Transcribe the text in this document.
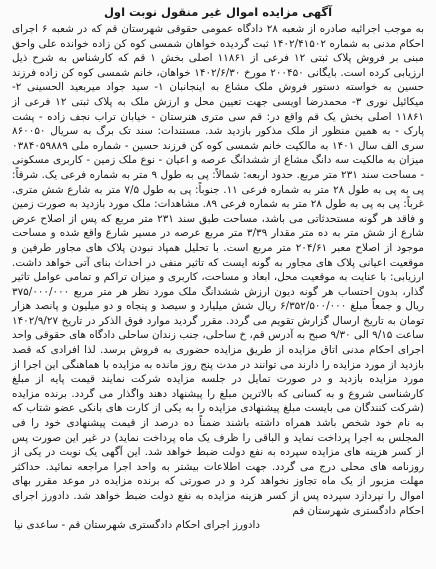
آگهی مزایده اموال غیر منقول نوبت اول

به موجب اجرائیه صادره از شعبه ۲۸ دادگاه عمومی حقوقی شهرستان قم که در شعبه ۶ اجرای احکام مدنی به شماره ۱۴۰۲/۴۱۵۰۲ ثبت گردیده خواهان شمسی کوه کن زاده خوانده علی واحق مبنی بر فروش پلاک ثبتی ۱۲ فرعی از ۱۱۸۶۱ اصلی بخش ۱ قم که کارشناس به شرح ذیل ارزیابی کرده است. بایگانی ۲۰۰۴۵۰ مورخ ۱۴۰۲/۶/۳۰ خواهان، خانم شمسی کوه کن زاده فرزند حسین به خواسته دستور فروش ملک مشاع به اینجانبان ۱- سید جواد میربعید الحسینی ۲- میکائیل نوری ۳- محمدرضا اویسی جهت تعیین محل و ارزش ملک به پلاک ثبتی ۱۲ فرعی از ۱۱۸۶۱ اصلی بخش یک قم واقع در: قم سی متری هنرستان - خیابان تراب نجف زاده - پشت پارک - به همین منظور از ملک مذکور بازدید شد. مستندات: سند تک برگ به سریال ۸۶۰۰۵۰ سری الف سال ۱۴۰۱ به مالکیت خانم شمسی کوه کن فرزند حسین - شماره ملی ۰۳۸۴۰۵۹۸۸۹ میزان به مالکیت سه دانگ مشاع از ششدانگ عرصه و اعیان - نوع ملک زمین - کاربری مسکونی - مساحت سند ۲۳۱ متر مربع. حدود اربعه: شمالاً: پی به طول ۹ متر به شماره فرعی یک. شرقاً: پی به پی به طول ۲۸ متر به شماره فرعی ۱۱. جنوباً: پی به طول ۷/۵ متر به شارع شش متری. غرباً: پی به پی به طول ۲۸ متر به شماره فرعی ۸۹. مشاهدات: ملک مورد بازدید به صورت زمین و فاقد هر گونه مستحدثاتی می باشد، مساحت طبق سند ۲۳۱ متر مربع که پس از اصلاح عرض شارع از شش متر به ده متر مقدار ۳/۳۹ متر مربع عرصه در مسیر شارع واقع شده و مساحت موجود از اصلاح معبر ۲۰۴/۶۱ متر مربع است. با تحلیل همپاد نبودن پلاک های مجاور طرفین و موقعیت اعیانی پلاک های مجاور به گونه ایست که تاثیر منفی در احداث بنای آتی خواهد داشت. ارزیابی: با عنایت به موقعیت محل، ابعاد و مساحت، کاربری و میزان تراکم و تمامی عوامل تاثیر گذار، بدون احتساب هر گونه دیون ارزش ششدانگ ملک مورد نظر هر متر مربع ۳۷۵/۰۰۰/۰۰۰ ریال و جمعاً مبلغ ۶/۳۵۲/۵۰۰/۰۰۰ ریال شش میلیارد و سیصد و پنجاه و دو میلیون و پانصد هزار تومان به تاریخ ارسال گزارش تقویم می گردد. مقرر گردید موارد فوق الذکر در تاریخ ۱۴۰۲/۹/۲۷ ساعت ۹/۱۵ الی ۹/۳۰ صبح به آدرس قم، خ ساحلی، جنب زندان ساحلی دادگاه های حقوقی واحد اجرای احکام مدنی اتاق مزایده از طریق مزایده حضوری به فروش برسد. لذا افرادی که قصد بازدید از مورد مزایده را دارند می توانند در مدت پنج روز مانده به مزایده با هماهنگی این اجرا از مورد مزایده بازدید و در صورت تمایل در جلسه مزایده شرکت نمایند قیمت پایه از مبلغ کارشناسی شروع و به کسانی که بالاترین مبلغ را پیشنهاد دهند واگذار می گردد. برنده مزایده (شرکت کنندگان می بایست مبلغ پیشنهادی مزایده را به یکی از کارت های بانکی عضو شتاب که به نام خود شخص باشد همراه داشته باشند ضمناً ده درصد از قیمت پیشنهادی خود را فی المجلس به اجرا پرداخت نماید و الباقی را ظرف یک ماه پرداخت نماید) در غیر این صورت پس از کسر هزینه های مزایده سپرده به نفع دولت ضبط خواهد شد. این آگهی یک نوبت در یکی از روزنامه های محلی درج می گردد. جهت اطلاعات بیشتر به واحد اجرا مراجعه نمائید. حداکثر مهلت مزبور از یک ماه تجاوز نخواهد کرد و در صورتی که برنده مزایده در موعد مقرر بهای اموال را نپردازد سپرده پس از کسر هزینه مزایده به نفع دولت ضبط خواهد شد. دادورز اجرای احکام دادگستری شهرستان قم

دادورز اجرای احکام دادگستری شهرستان قم - ساعدی نیا
